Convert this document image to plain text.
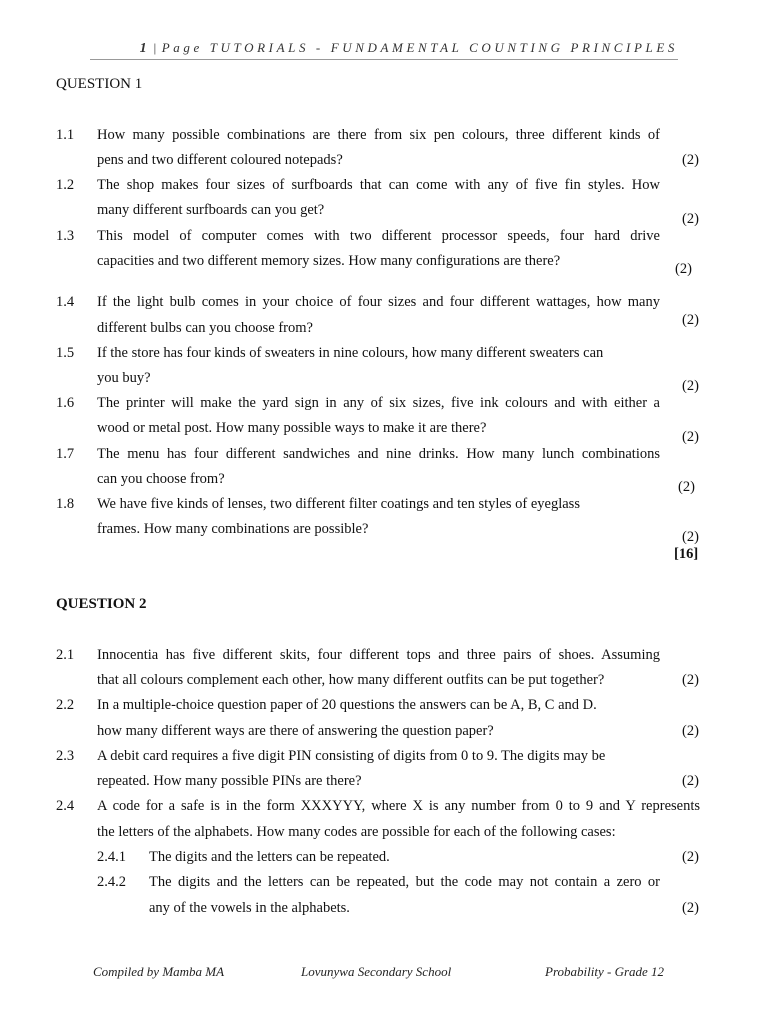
1 | Page TUTORIALS - FUNDAMENTAL COUNTING PRINCIPLES
QUESTION 1
1.1 How many possible combinations are there from six pen colours, three different kinds of
pens and two different coloured notepads?	(2)
1.2 The shop makes four sizes of surfboards that can come with any of five fin styles. How
many different surfboards can you get?
(2)
1.3 This model of computer comes with two different processor speeds, four hard drive
capacities and two different memory sizes. How many configurations are there?	(2)
1.4 If the light bulb comes in your choice of four sizes and four different wattages, how many
different bulbs can you choose from?	(2)
1.5 If the store has four kinds of sweaters in nine colours, how many different sweaters can
you buy?	(2)
1.6 The printer will make the yard sign in any of six sizes, five ink colours and with either a
wood or metal post. How many possible ways to make it are there?
(2)
1.7 The menu has four different sandwiches and nine drinks. How many lunch combinations
can you choose from?	(2)
1.8 We have five kinds of lenses, two different filter coatings and ten styles of eyeglass
frames. How many combinations are possible?	(2)
[16]
QUESTION 2
2.1 Innocentia has five different skits, four different tops and three pairs of shoes. Assuming
that all colours complement each other, how many different outfits can be put together?	(2)
2.2 In a multiple-choice question paper of 20 questions the answers can be A, B, C and D.
how many different ways are there of answering the question paper?	(2)
2.3 A debit card requires a five digit PIN consisting of digits from 0 to 9. The digits may be
repeated. How many possible PINs are there?	(2)
2.4 A code for a safe is in the form XXXYYY, where X is any number from 0 to 9 and Y represents
the letters of the alphabets. How many codes are possible for each of the following cases:
2.4.1 The digits and the letters can be repeated.	(2)
2.4.2 The digits and the letters can be repeated, but the code may not contain a zero or
any of the vowels in the alphabets.	(2)
Compiled by Mamba MA	Lovunywa Secondary School	Probability - Grade 12
